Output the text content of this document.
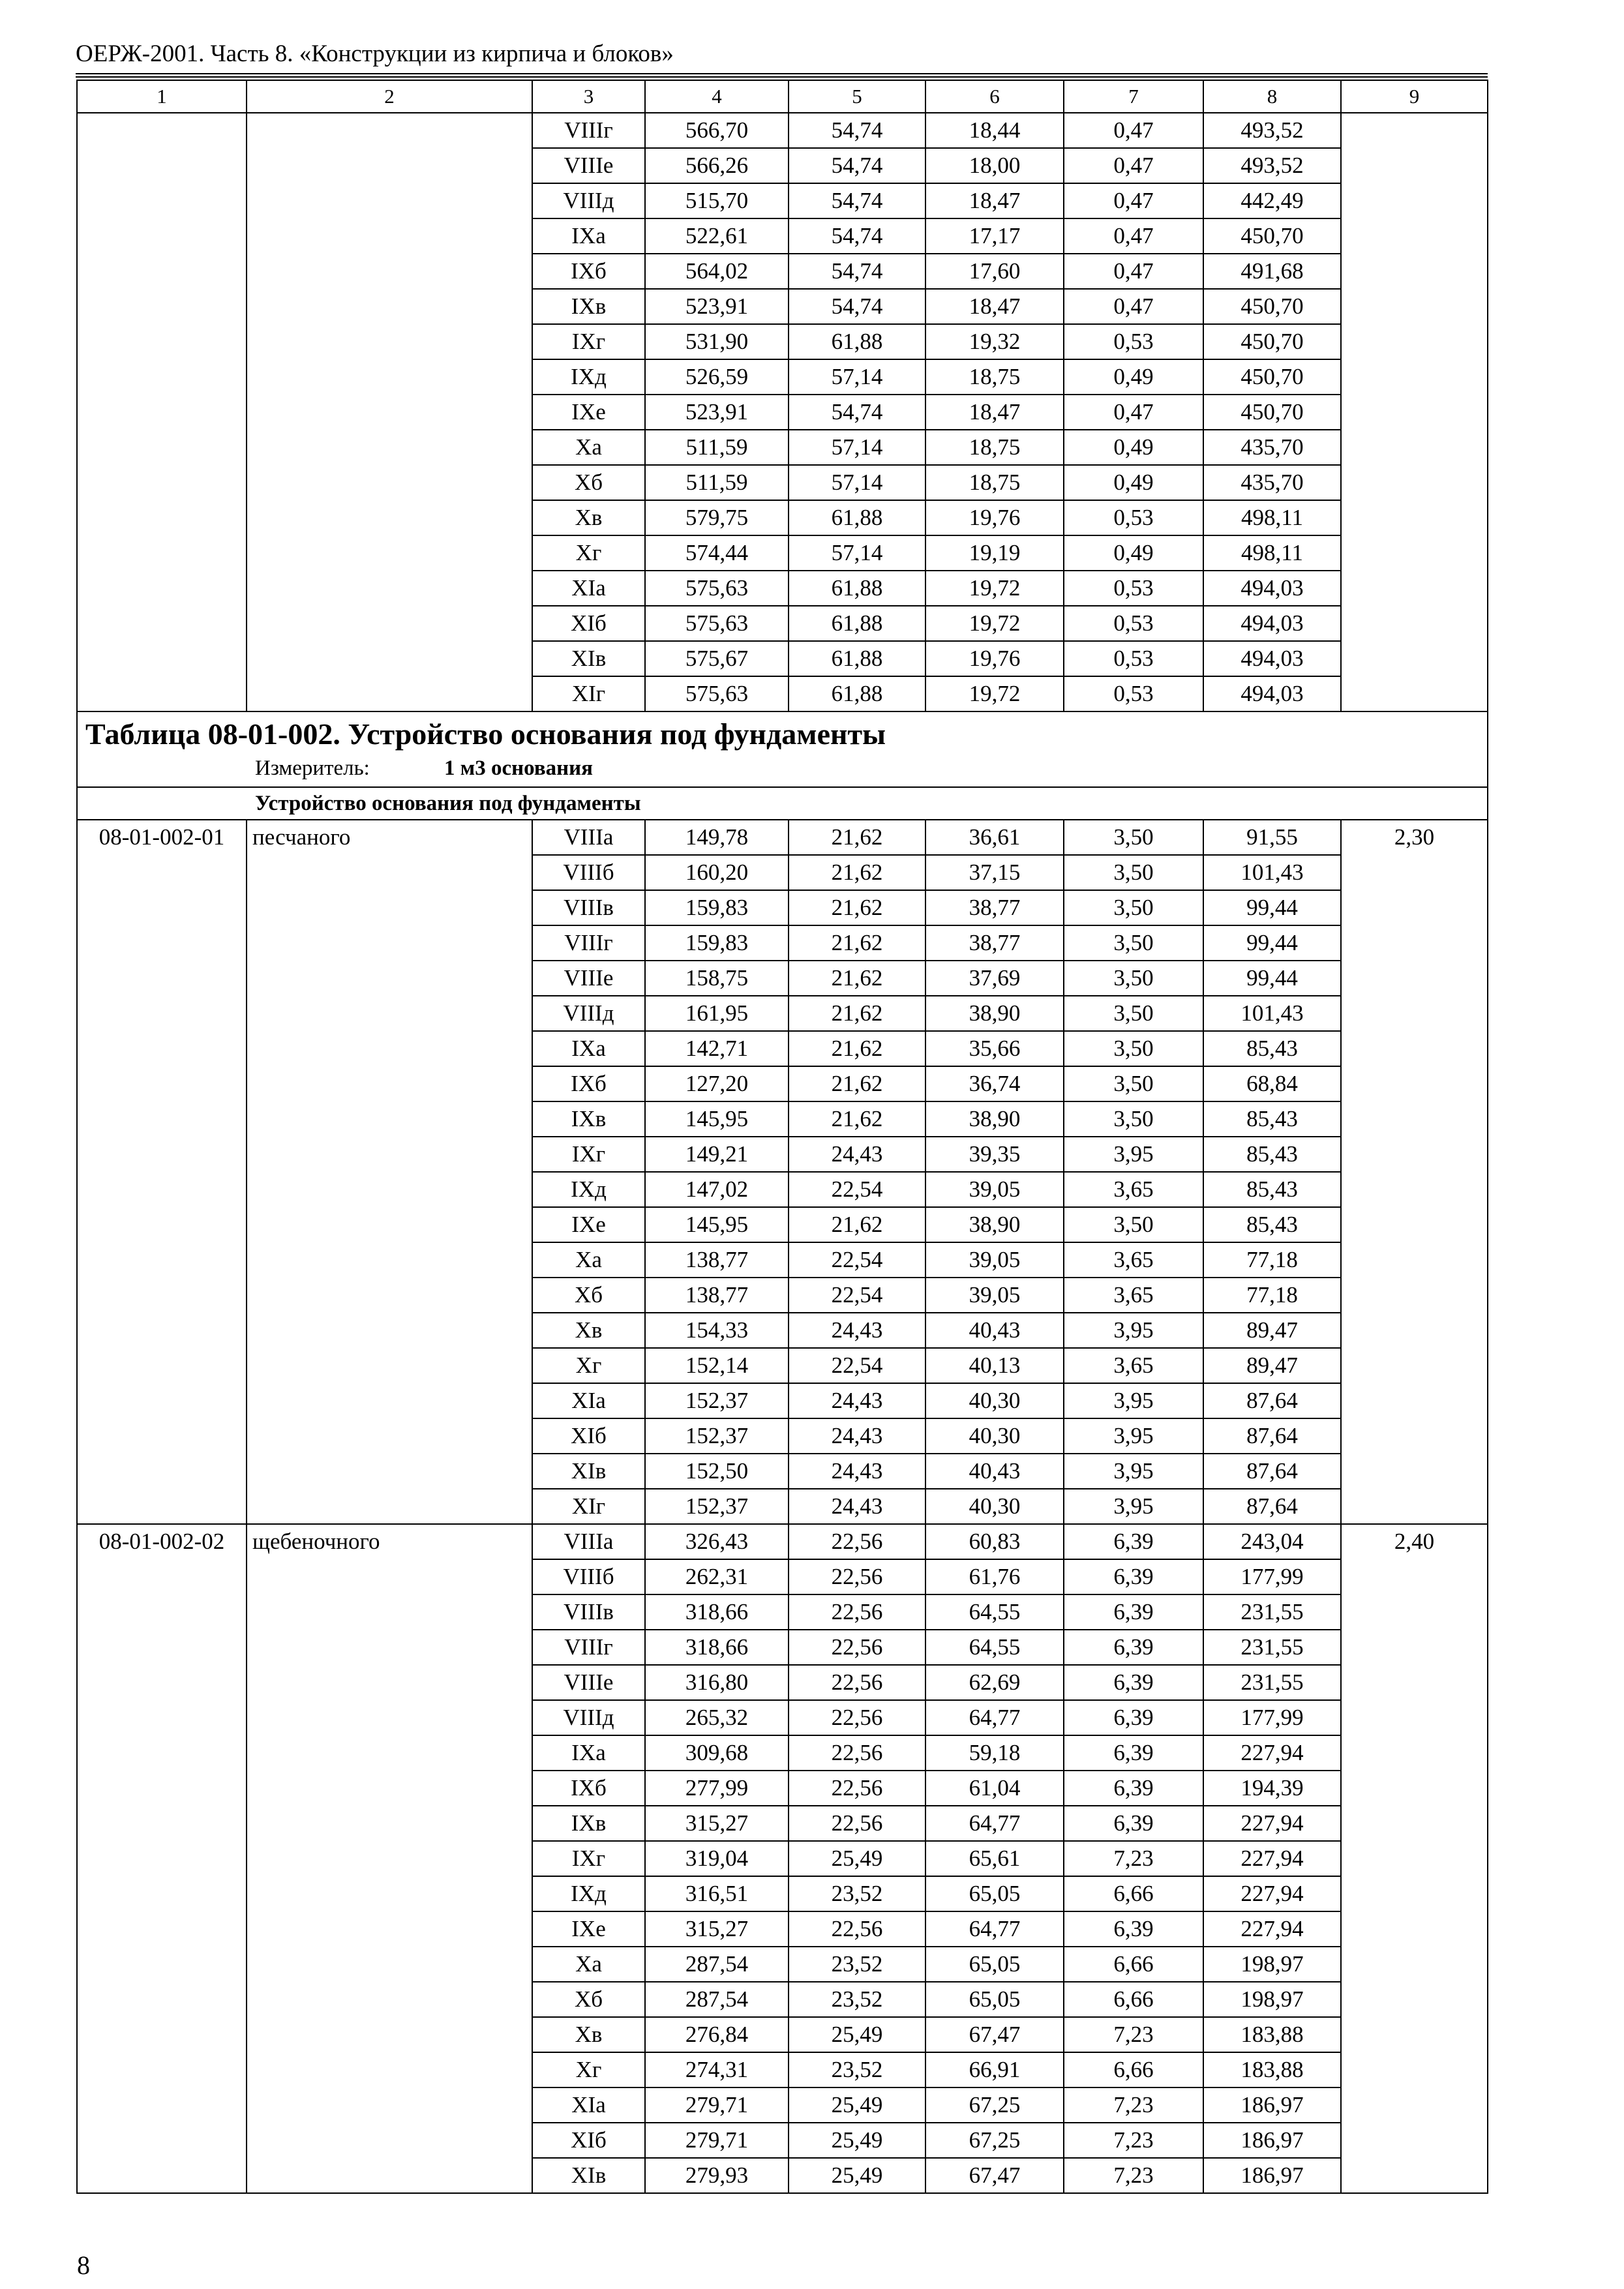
ОЕРЖ-2001. Часть 8. «Конструкции из кирпича и блоков»
1	2	3	4	5	6	7	8	9
		VIIIг	566,70	54,74	18,44	0,47	493,52	
		VIIIе	566,26	54,74	18,00	0,47	493,52	
		VIIIд	515,70	54,74	18,47	0,47	442,49	
		IXа	522,61	54,74	17,17	0,47	450,70	
		IXб	564,02	54,74	17,60	0,47	491,68	
		IXв	523,91	54,74	18,47	0,47	450,70	
		IXг	531,90	61,88	19,32	0,53	450,70	
		IXд	526,59	57,14	18,75	0,49	450,70	
		IXе	523,91	54,74	18,47	0,47	450,70	
		Xа	511,59	57,14	18,75	0,49	435,70	
		Xб	511,59	57,14	18,75	0,49	435,70	
		Xв	579,75	61,88	19,76	0,53	498,11	
		Xг	574,44	57,14	19,19	0,49	498,11	
		XIа	575,63	61,88	19,72	0,53	494,03	
		XIб	575,63	61,88	19,72	0,53	494,03	
		XIв	575,67	61,88	19,76	0,53	494,03	
		XIг	575,63	61,88	19,72	0,53	494,03	

Таблица 08-01-002. Устройство основания под фундаменты
Измеритель: 1 м3 основания								

Устройство основания под фундаменты								
08-01-002-01	песчаного	VIIIа	149,78	21,62	36,61	3,50	91,55	2,30
		VIIIб	160,20	21,62	37,15	3,50	101,43	
		VIIIв	159,83	21,62	38,77	3,50	99,44	
		VIIIг	159,83	21,62	38,77	3,50	99,44	
		VIIIе	158,75	21,62	37,69	3,50	99,44	
		VIIIд	161,95	21,62	38,90	3,50	101,43	
		IXа	142,71	21,62	35,66	3,50	85,43	
		IXб	127,20	21,62	36,74	3,50	68,84	
		IXв	145,95	21,62	38,90	3,50	85,43	
		IXг	149,21	24,43	39,35	3,95	85,43	
		IXд	147,02	22,54	39,05	3,65	85,43	
		IXе	145,95	21,62	38,90	3,50	85,43	
		Xа	138,77	22,54	39,05	3,65	77,18	
		Xб	138,77	22,54	39,05	3,65	77,18	
		Xв	154,33	24,43	40,43	3,95	89,47	
		Xг	152,14	22,54	40,13	3,65	89,47	
		XIа	152,37	24,43	40,30	3,95	87,64	
		XIб	152,37	24,43	40,30	3,95	87,64	
		XIв	152,50	24,43	40,43	3,95	87,64	
		XIг	152,37	24,43	40,30	3,95	87,64	
08-01-002-02	щебеночного	VIIIа	326,43	22,56	60,83	6,39	243,04	2,40
		VIIIб	262,31	22,56	61,76	6,39	177,99	
		VIIIв	318,66	22,56	64,55	6,39	231,55	
		VIIIг	318,66	22,56	64,55	6,39	231,55	
		VIIIе	316,80	22,56	62,69	6,39	231,55	
		VIIIд	265,32	22,56	64,77	6,39	177,99	
		IXа	309,68	22,56	59,18	6,39	227,94	
		IXб	277,99	22,56	61,04	6,39	194,39	
		IXв	315,27	22,56	64,77	6,39	227,94	
		IXг	319,04	25,49	65,61	7,23	227,94	
		IXд	316,51	23,52	65,05	6,66	227,94	
		IXе	315,27	22,56	64,77	6,39	227,94	
		Xа	287,54	23,52	65,05	6,66	198,97	
		Xб	287,54	23,52	65,05	6,66	198,97	
		Xв	276,84	25,49	67,47	7,23	183,88	
		Xг	274,31	23,52	66,91	6,66	183,88	
		XIа	279,71	25,49	67,25	7,23	186,97	
		XIб	279,71	25,49	67,25	7,23	186,97	
		XIв	279,93	25,49	67,47	7,23	186,97	
8
